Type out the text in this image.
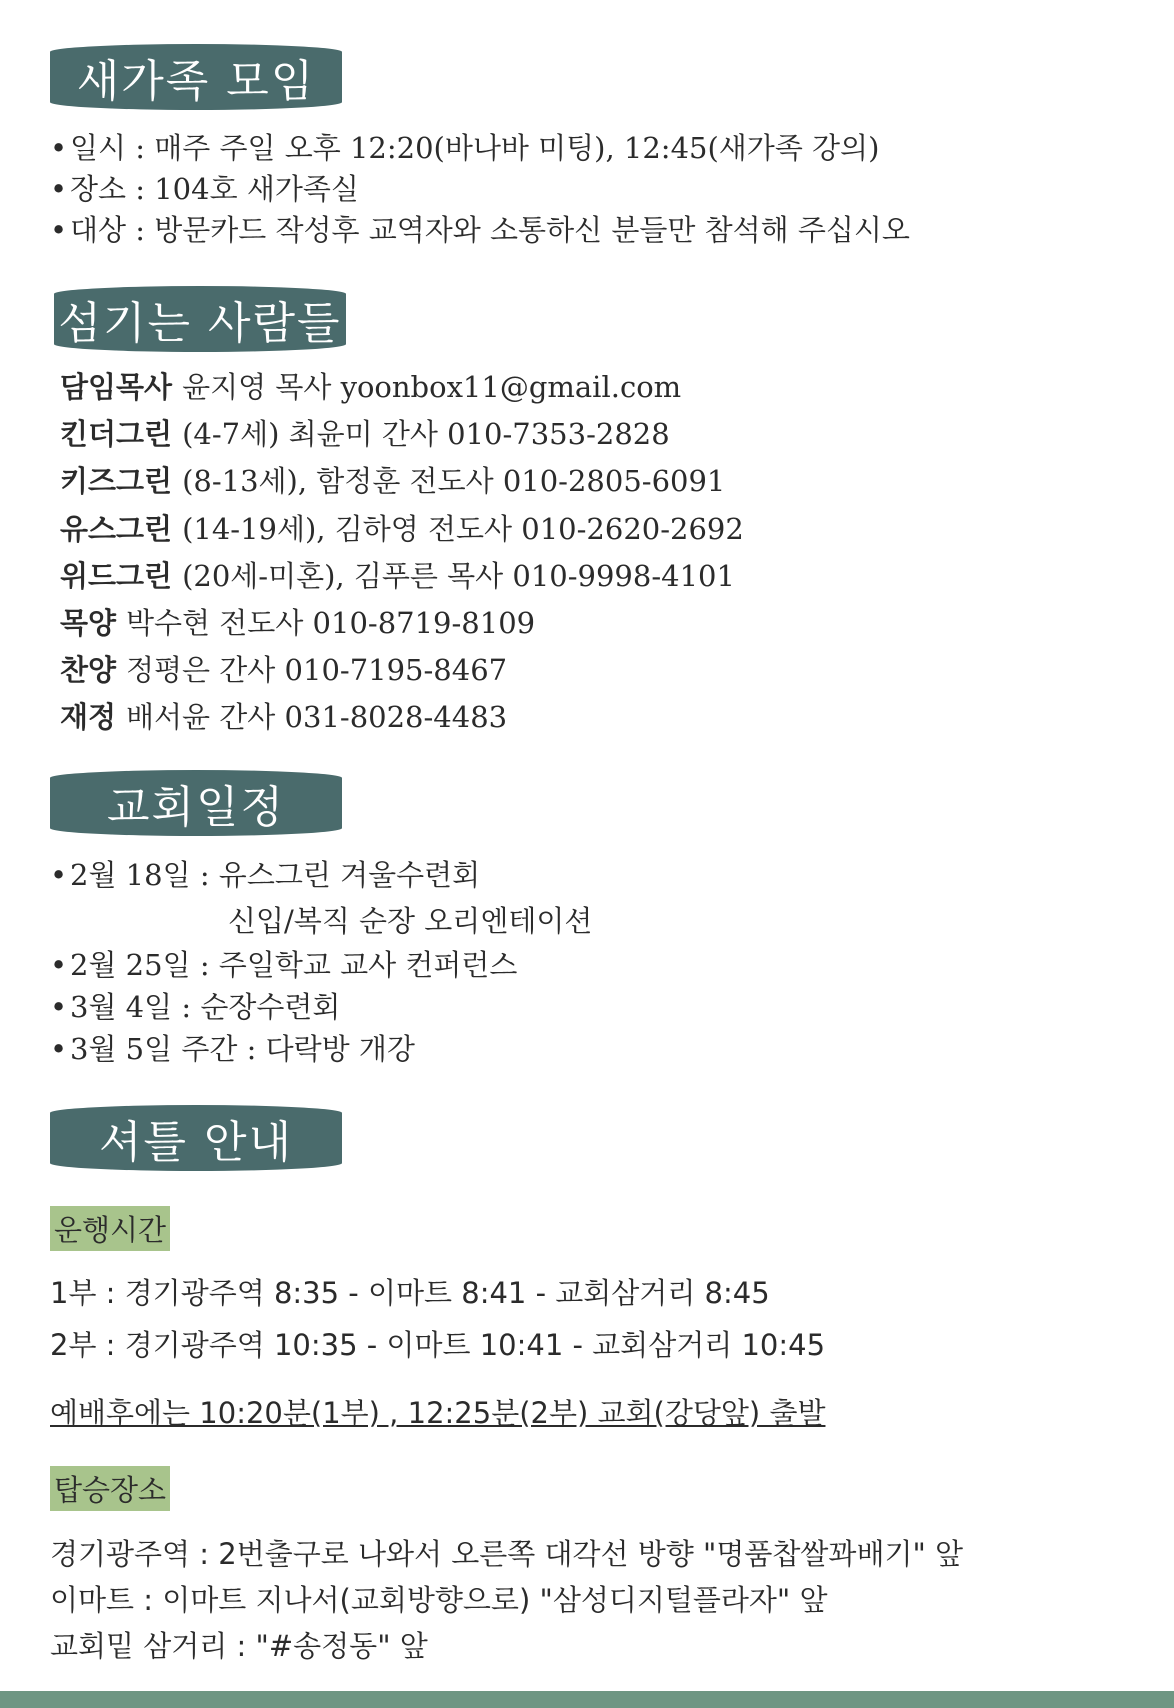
새가족 모임
• 일시 : 매주 주일 오후 12:20(바나바 미팅), 12:45(새가족 강의)
• 장소 : 104호 새가족실
• 대상 : 방문카드 작성후 교역자와 소통하신 분들만 참석해 주십시오
섬기는 사람들
담임목사 윤지영 목사 yoonbox11@gmail.com
킨더그린 (4-7세) 최윤미 간사 010-7353-2828
키즈그린 (8-13세), 함정훈 전도사 010-2805-6091
유스그린 (14-19세), 김하영 전도사 010-2620-2692
위드그린 (20세-미혼), 김푸른 목사 010-9998-4101
목양 박수현 전도사 010-8719-8109
찬양 정평은 간사 010-7195-8467
재정 배서윤 간사 031-8028-4483
교회일정
• 2월 18일 : 유스그린 겨울수련회
신입/복직 순장 오리엔테이션
• 2월 25일 : 주일학교 교사 컨퍼런스
• 3월 4일 : 순장수련회
• 3월 5일 주간 : 다락방 개강
셔틀 안내
운행시간
1부 : 경기광주역 8:35 - 이마트 8:41 - 교회삼거리 8:45
2부 : 경기광주역 10:35 - 이마트 10:41 - 교회삼거리 10:45
예배후에는 10:20분(1부) , 12:25분(2부) 교회(강당앞) 출발
탑승장소
경기광주역 : 2번출구로 나와서 오른쪽 대각선 방향 "명품찹쌀꽈배기" 앞
이마트 : 이마트 지나서(교회방향으로) "삼성디지털플라자" 앞
교회밑 삼거리 : "#송정동" 앞
